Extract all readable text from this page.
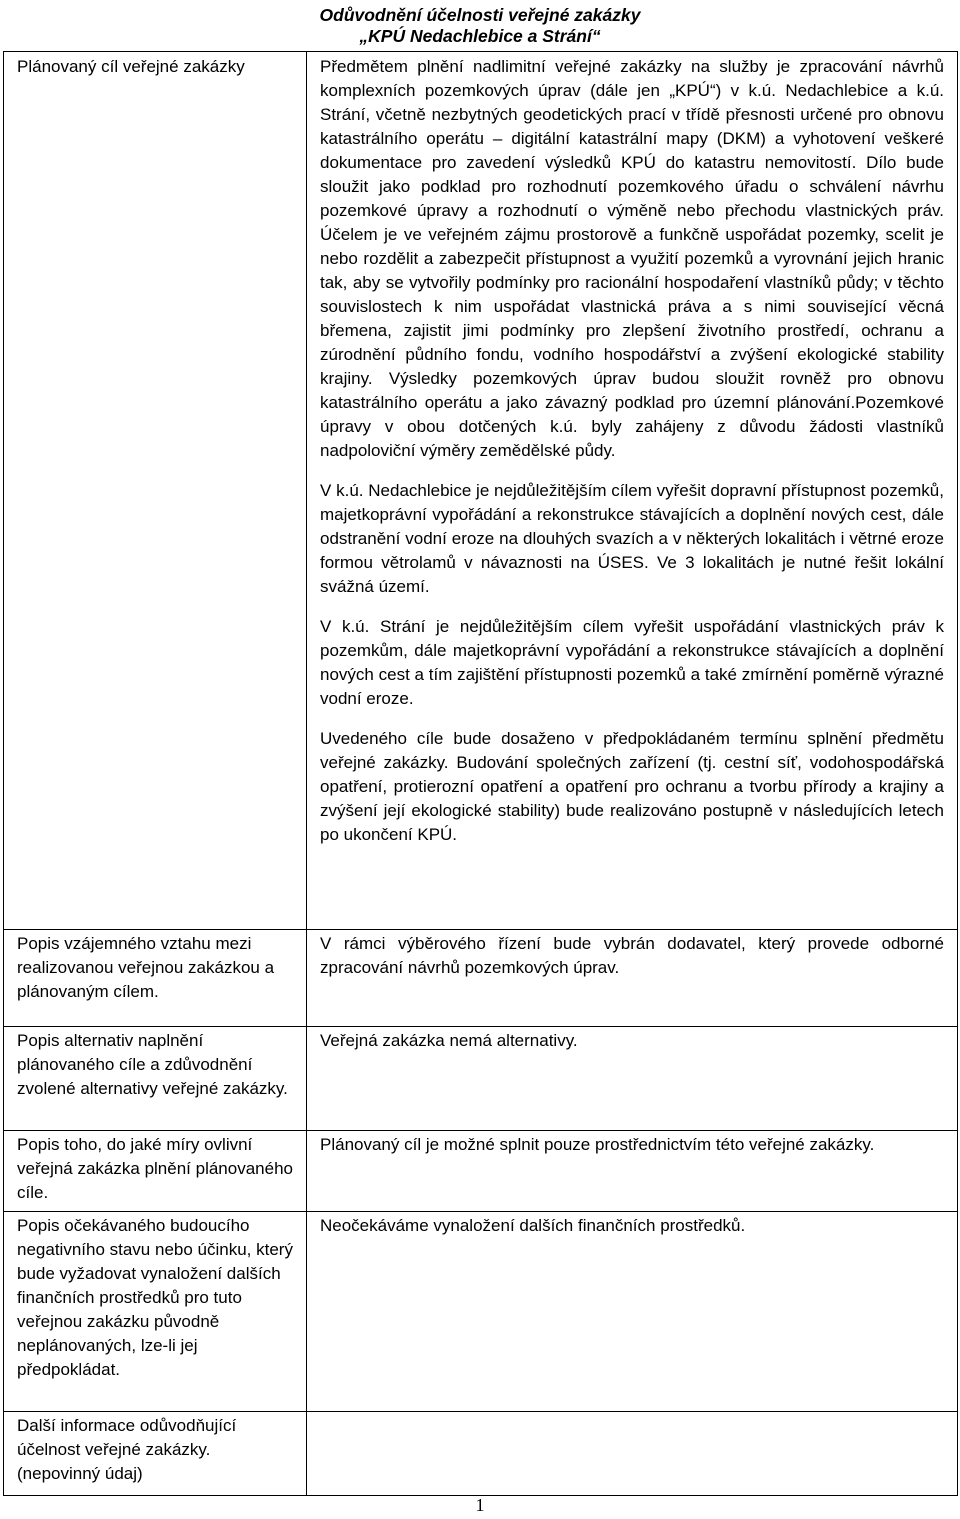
Odůvodnění účelnosti veřejné zakázky
„KPÚ Nedachlebice a Strání“
Plánovaný cíl veřejné zakázky	Předmětem plnění nadlimitní veřejné zakázky na služby je zpracování návrhů komplexních pozemkových úprav (dále jen „KPÚ“) v k.ú. Nedachlebice a k.ú. Strání, včetně nezbytných geodetických prací v třídě přesnosti určené pro obnovu katastrálního operátu – digitální katastrální mapy (DKM) a vyhotovení veškeré dokumentace pro zavedení výsledků KPÚ do katastru nemovitostí. Dílo bude sloužit jako podklad pro rozhodnutí pozemkového úřadu o schválení návrhu pozemkové úpravy a rozhodnutí o výměně nebo přechodu vlastnických práv. Účelem je ve veřejném zájmu prostorově a funkčně uspořádat pozemky, scelit je nebo rozdělit a zabezpečit přístupnost a využití pozemků a vyrovnání jejich hranic tak, aby se vytvořily podmínky pro racionální hospodaření vlastníků půdy; v těchto souvislostech k nim uspořádat vlastnická práva a s nimi související věcná břemena, zajistit jimi podmínky pro zlepšení životního prostředí, ochranu a zúrodnění půdního fondu, vodního hospodářství a zvýšení ekologické stability krajiny. Výsledky pozemkových úprav budou sloužit rovněž pro obnovu katastrálního operátu a jako závazný podklad pro územní plánování.Pozemkové úpravy v obou dotčených k.ú. byly zahájeny z důvodu žádosti vlastníků nadpoloviční výměry zemědělské půdy.

V k.ú. Nedachlebice je nejdůležitějším cílem vyřešit dopravní přístupnost pozemků, majetkoprávní vypořádání a rekonstrukce stávajících a doplnění nových cest, dále odstranění vodní eroze na dlouhých svazích a v některých lokalitách i větrné eroze formou větrolamů v návaznosti na ÚSES. Ve 3 lokalitách je nutné řešit lokální svážná území.

V k.ú. Strání je nejdůležitějším cílem vyřešit uspořádání vlastnických práv k pozemkům, dále majetkoprávní vypořádání a rekonstrukce stávajících a doplnění nových cest a tím zajištění přístupnosti pozemků a také zmírnění poměrně výrazné vodní eroze.

Uvedeného cíle bude dosaženo v předpokládaném termínu splnění předmětu veřejné zakázky. Budování společných zařízení (tj. cestní síť, vodohospodářská opatření, protierozní opatření a opatření pro ochranu a tvorbu přírody a krajiny a zvýšení její ekologické stability) bude realizováno postupně v následujících letech po ukončení KPÚ.

Popis vzájemného vztahu mezi realizovanou veřejnou zakázkou a plánovaným cílem.	V rámci výběrového řízení bude vybrán dodavatel, který provede odborné zpracování návrhů pozemkových úprav.

Popis alternativ naplnění plánovaného cíle a zdůvodnění zvolené alternativy veřejné zakázky.	Veřejná zakázka nemá alternativy.

Popis toho, do jaké míry ovlivní veřejná zakázka plnění plánovaného cíle.	Plánovaný cíl je možné splnit pouze prostřednictvím této veřejné zakázky.

Popis očekávaného budoucího negativního stavu nebo účinku, který bude vyžadovat vynaložení dalších finančních prostředků pro tuto veřejnou zakázku původně neplánovaných, lze-li jej předpokládat.	Neočekáváme vynaložení dalších finančních prostředků.

Další informace odůvodňující účelnost veřejné zakázky. (nepovinný údaj)	
1
